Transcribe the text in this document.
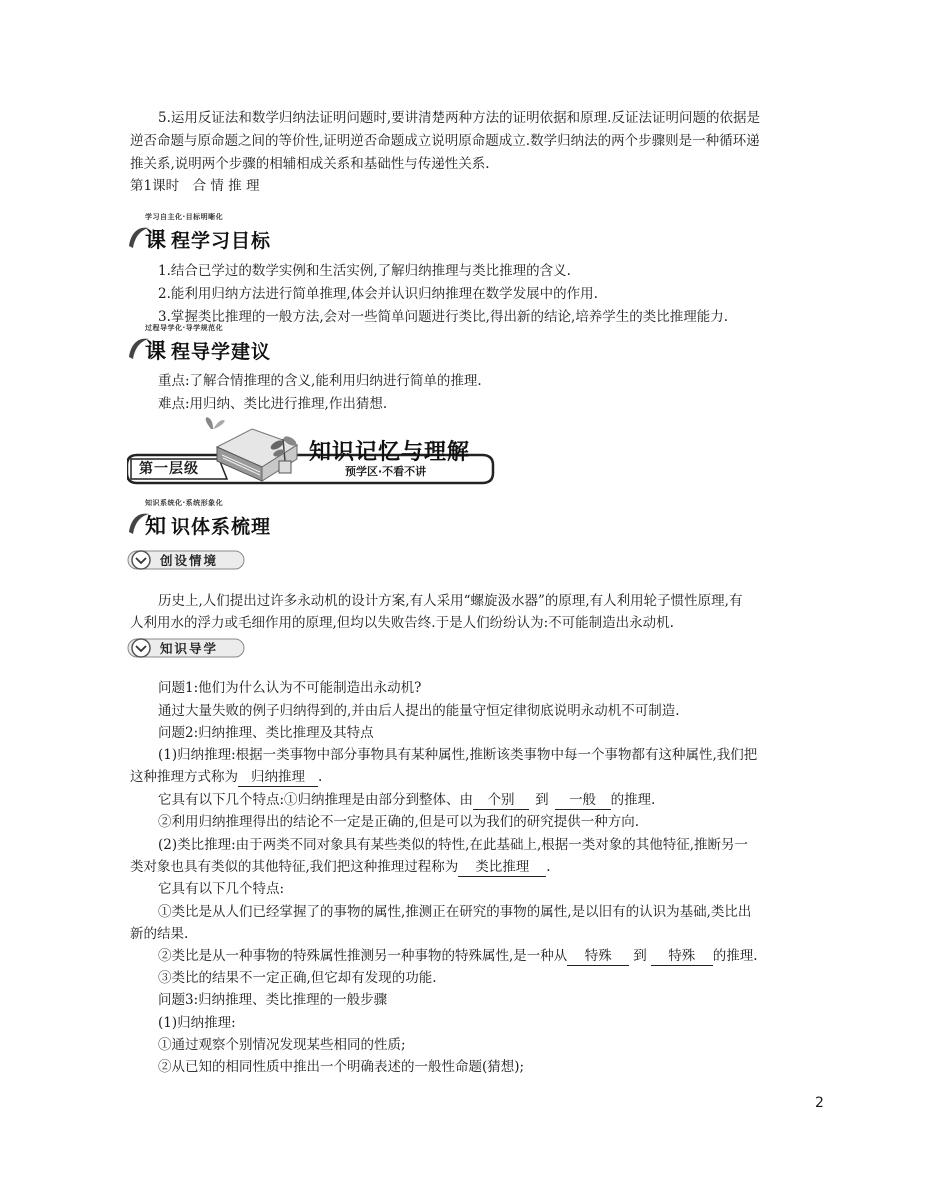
5.运用反证法和数学归纳法证明问题时,要讲清楚两种方法的证明依据和原理.反证法证明问题的依据是
逆否命题与原命题之间的等价性,证明逆否命题成立说明原命题成立.数学归纳法的两个步骤则是一种循环递
推关系,说明两个步骤的相辅相成关系和基础性与传递性关系.
第1课时　合 情 推 理
学习自主化·目标明晰化
课 程学习目标
1.结合已学过的数学实例和生活实例,了解归纳推理与类比推理的含义.
2.能利用归纳方法进行简单推理,体会并认识归纳推理在数学发展中的作用.
3.掌握类比推理的一般方法,会对一些简单问题进行类比,得出新的结论,培养学生的类比推理能力.
过程导学化·导学规范化
课 程导学建议
重点:了解合情推理的含义,能利用归纳进行简单的推理.
难点:用归纳、类比进行推理,作出猜想.
第一层级
知识记忆与理解
预学区·不看不讲
知识系统化·系统形象化
知 识体系梳理
创设情境
历史上,人们提出过许多永动机的设计方案,有人采用“螺旋汲水器”的原理,有人利用轮子惯性原理,有
人利用水的浮力或毛细作用的原理,但均以失败告终.于是人们纷纷认为:不可能制造出永动机.
知识导学
问题1:他们为什么认为不可能制造出永动机?
通过大量失败的例子归纳得到的,并由后人提出的能量守恒定律彻底说明永动机不可制造.
问题2:归纳推理、类比推理及其特点
(1)归纳推理:根据一类事物中部分事物具有某种属性,推断该类事物中每一个事物都有这种属性,我们把
这种推理方式称为 归纳推理 .
它具有以下几个特点:①归纳推理是由部分到整体、由 个别 到 一般 的推理.
②利用归纳推理得出的结论不一定是正确的,但是可以为我们的研究提供一种方向.
(2)类比推理:由于两类不同对象具有某些类似的特性,在此基础上,根据一类对象的其他特征,推断另一
类对象也具有类似的其他特征,我们把这种推理过程称为 类比推理 .
它具有以下几个特点:
①类比是从人们已经掌握了的事物的属性,推测正在研究的事物的属性,是以旧有的认识为基础,类比出
新的结果.
②类比是从一种事物的特殊属性推测另一种事物的特殊属性,是一种从 特殊 到 特殊 的推理.
③类比的结果不一定正确,但它却有发现的功能.
问题3:归纳推理、类比推理的一般步骤
(1)归纳推理:
①通过观察个别情况发现某些相同的性质;
②从已知的相同性质中推出一个明确表述的一般性命题(猜想);
2
